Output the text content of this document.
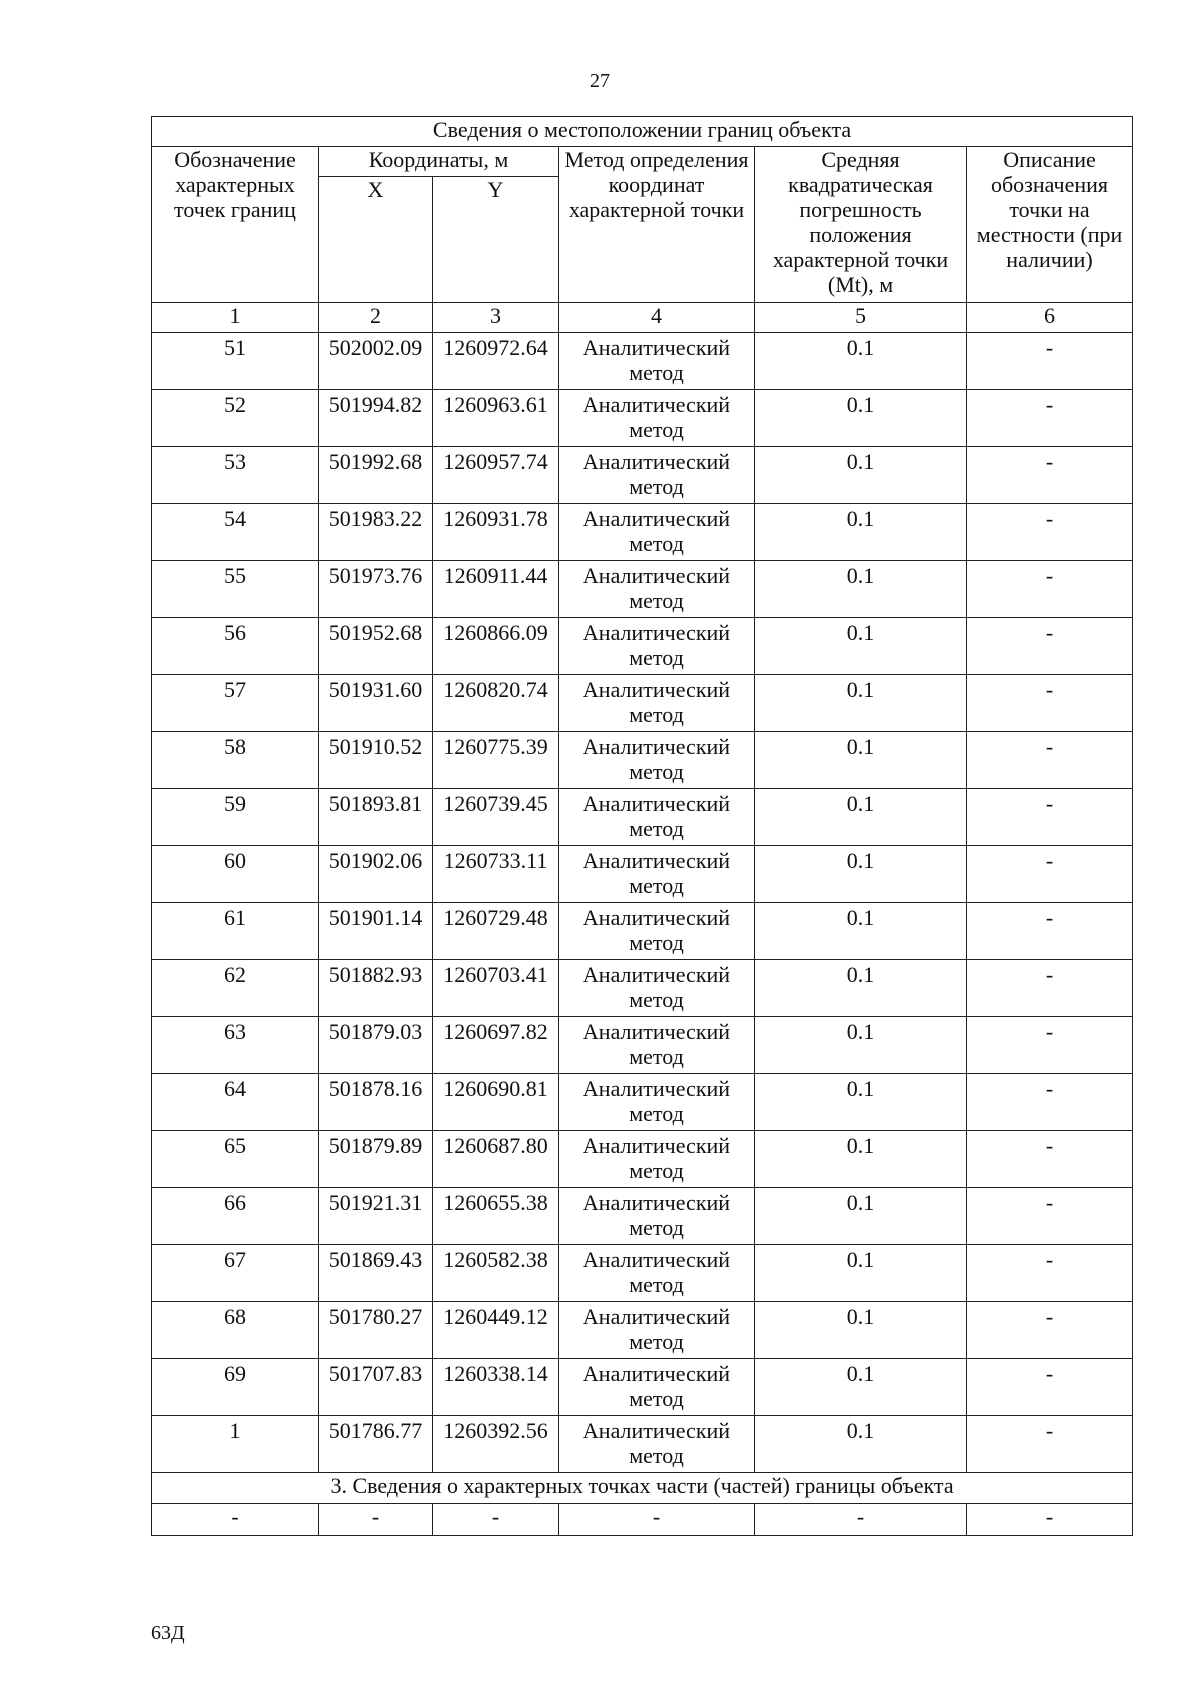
27
Сведения о местоположении границ объекта					
Обозначение характерных точек границ	Координаты, м		Метод определения координат характерной точки	Средняя квадратическая погрешность положения характерной точки (Mt), м	Описание обозначения точки на местности (при наличии)
	X	Y			
1	2	3	4	5	6
51	502002.09	1260972.64	Аналитический метод	0.1	-
52	501994.82	1260963.61	Аналитический метод	0.1	-
53	501992.68	1260957.74	Аналитический метод	0.1	-
54	501983.22	1260931.78	Аналитический метод	0.1	-
55	501973.76	1260911.44	Аналитический метод	0.1	-
56	501952.68	1260866.09	Аналитический метод	0.1	-
57	501931.60	1260820.74	Аналитический метод	0.1	-
58	501910.52	1260775.39	Аналитический метод	0.1	-
59	501893.81	1260739.45	Аналитический метод	0.1	-
60	501902.06	1260733.11	Аналитический метод	0.1	-
61	501901.14	1260729.48	Аналитический метод	0.1	-
62	501882.93	1260703.41	Аналитический метод	0.1	-
63	501879.03	1260697.82	Аналитический метод	0.1	-
64	501878.16	1260690.81	Аналитический метод	0.1	-
65	501879.89	1260687.80	Аналитический метод	0.1	-
66	501921.31	1260655.38	Аналитический метод	0.1	-
67	501869.43	1260582.38	Аналитический метод	0.1	-
68	501780.27	1260449.12	Аналитический метод	0.1	-
69	501707.83	1260338.14	Аналитический метод	0.1	-
1	501786.77	1260392.56	Аналитический метод	0.1	-
3. Сведения о характерных точках части (частей) границы объекта					
-	-	-	-	-	-
63Д
